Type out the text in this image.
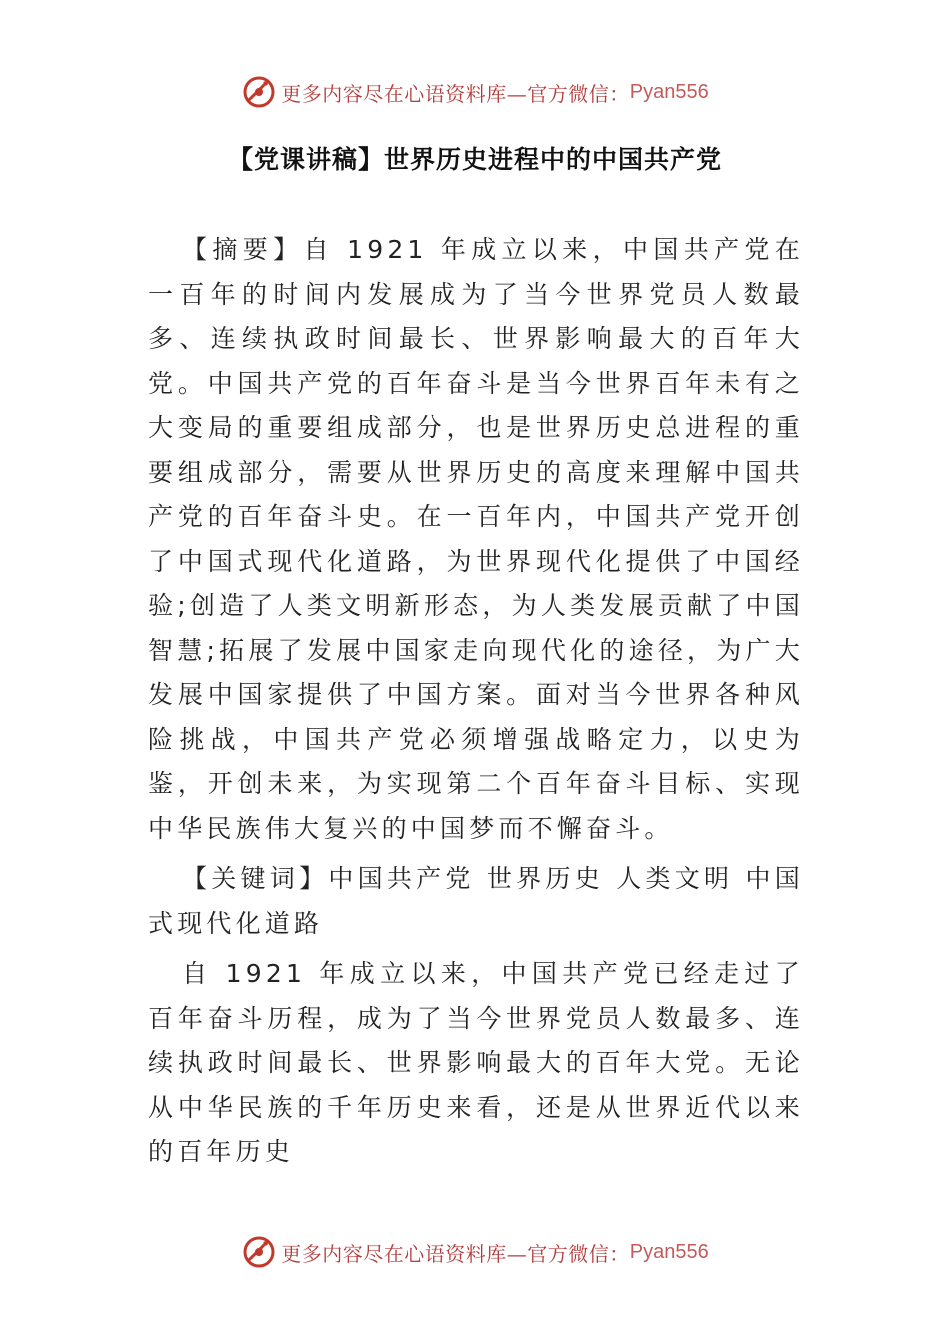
更多内容尽在心语资料库—官方微信： Pyan556
【党课讲稿】世界历史进程中的中国共产党

【摘要】自 1921 年成立以来，中国共产党在一百年的时间内发展成为了当今世界党员人数最多、连续执政时间最长、世界影响最大的百年大党。中国共产党的百年奋斗是当今世界百年未有之大变局的重要组成部分，也是世界历史总进程的重要组成部分，需要从世界历史的高度来理解中国共产党的百年奋斗史。在一百年内，中国共产党开创了中国式现代化道路，为世界现代化提供了中国经验;创造了人类文明新形态，为人类发展贡献了中国智慧;拓展了发展中国家走向现代化的途径，为广大发展中国家提供了中国方案。面对当今世界各种风险挑战，中国共产党必须增强战略定力，以史为鉴，开创未来，为实现第二个百年奋斗目标、实现中华民族伟大复兴的中国梦而不懈奋斗。

【关键词】中国共产党 世界历史 人类文明 中国式现代化道路

自 1921 年成立以来，中国共产党已经走过了百年奋斗历程，成为了当今世界党员人数最多、连续执政时间最长、世界影响最大的百年大党。无论从中华民族的千年历史来看，还是从世界近代以来的百年历史

更多内容尽在心语资料库—官方微信： Pyan556
